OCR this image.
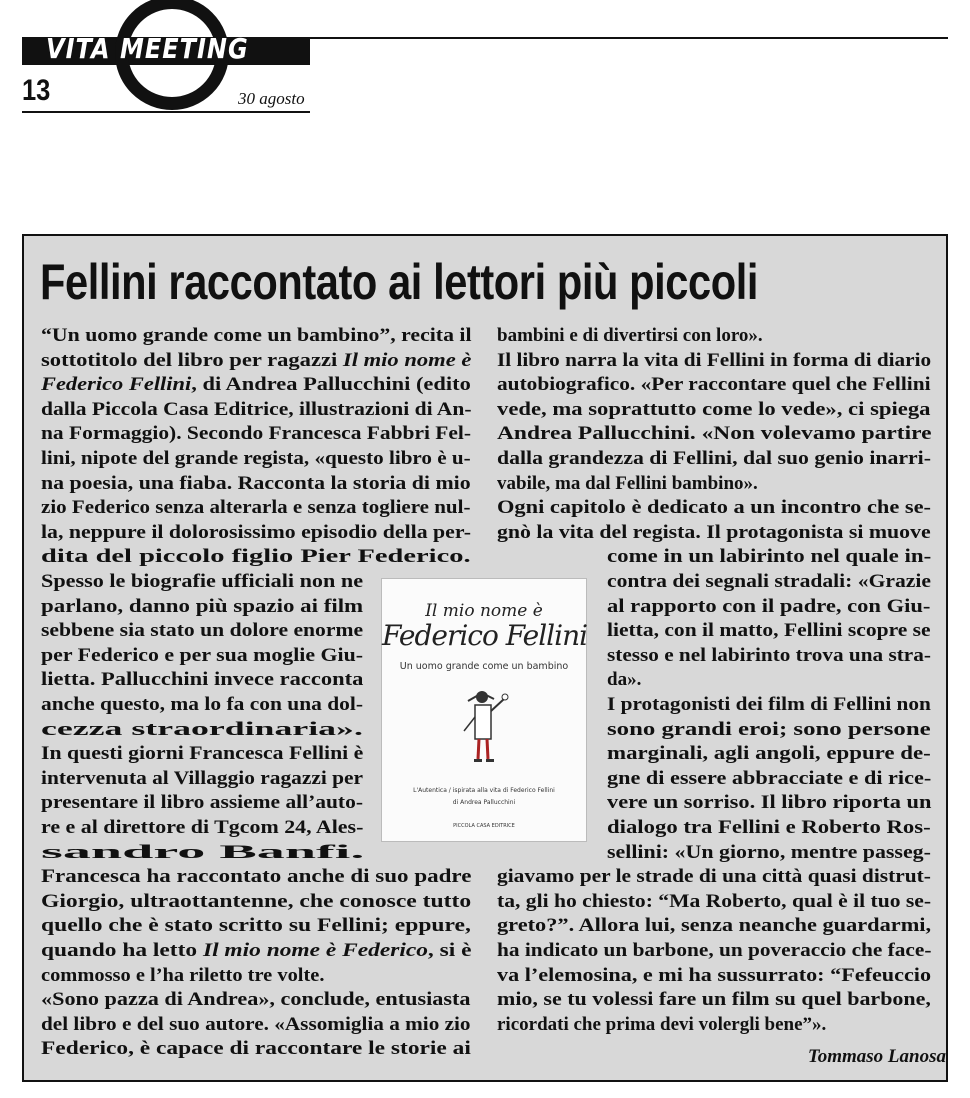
VITA MEETING
13	30 agosto
Fellini raccontato ai lettori più piccoli
“Un uomo grande come un bambino”, recita il
sottotitolo del libro per ragazzi Il mio nome è
Federico Fellini, di Andrea Pallucchini (edito
dalla Piccola Casa Editrice, illustrazioni di An-
na Formaggio). Secondo Francesca Fabbri Fel-
lini, nipote del grande regista, «questo libro è u-
na poesia, una fiaba. Racconta la storia di mio
zio Federico senza alterarla e senza togliere nul-
la, neppure il dolorosissimo episodio della per-
dita del piccolo figlio Pier Federico.
Spesso le biografie ufficiali non ne
parlano, danno più spazio ai film
sebbene sia stato un dolore enorme
per Federico e per sua moglie Giu-
lietta. Pallucchini invece racconta
anche questo, ma lo fa con una dol-
cezza straordinaria».
In questi giorni Francesca Fellini è
intervenuta al Villaggio ragazzi per
presentare il libro assieme all’auto-
re e al direttore di Tgcom 24, Ales-
sandro Banfi.
Francesca ha raccontato anche di suo padre
Giorgio, ultraottantenne, che conosce tutto
quello che è stato scritto su Fellini; eppure,
quando ha letto Il mio nome è Federico, si è
commosso e l’ha riletto tre volte.
«Sono pazza di Andrea», conclude, entusiasta
del libro e del suo autore. «Assomiglia a mio zio
Federico, è capace di raccontare le storie ai
bambini e di divertirsi con loro».
Il libro narra la vita di Fellini in forma di diario
autobiografico. «Per raccontare quel che Fellini
vede, ma soprattutto come lo vede», ci spiega
Andrea Pallucchini. «Non volevamo partire
dalla grandezza di Fellini, dal suo genio inarri-
vabile, ma dal Fellini bambino».
Ogni capitolo è dedicato a un incontro che se-
gnò la vita del regista. Il protagonista si muove
come in un labirinto nel quale in-
contra dei segnali stradali: «Grazie
al rapporto con il padre, con Giu-
lietta, con il matto, Fellini scopre se
stesso e nel labirinto trova una stra-
da».
I protagonisti dei film di Fellini non
sono grandi eroi; sono persone
marginali, agli angoli, eppure de-
gne di essere abbracciate e di rice-
vere un sorriso. Il libro riporta un
dialogo tra Fellini e Roberto Ros-
sellini: «Un giorno, mentre passeg-
giavamo per le strade di una città quasi distrut-
ta, gli ho chiesto: “Ma Roberto, qual è il tuo se-
greto?”. Allora lui, senza neanche guardarmi,
ha indicato un barbone, un poveraccio che face-
va l’elemosina, e mi ha sussurrato: “Fefeuccio
mio, se tu volessi fare un film su quel barbone,
ricordati che prima devi volergli bene”».
Tommaso Lanosa
Il mio nome è
Federico Fellini
Un uomo grande come un bambino
L'Autentica / ispirata alla vita di Federico Fellini
di Andrea Pallucchini
PICCOLA CASA EDITRICE
